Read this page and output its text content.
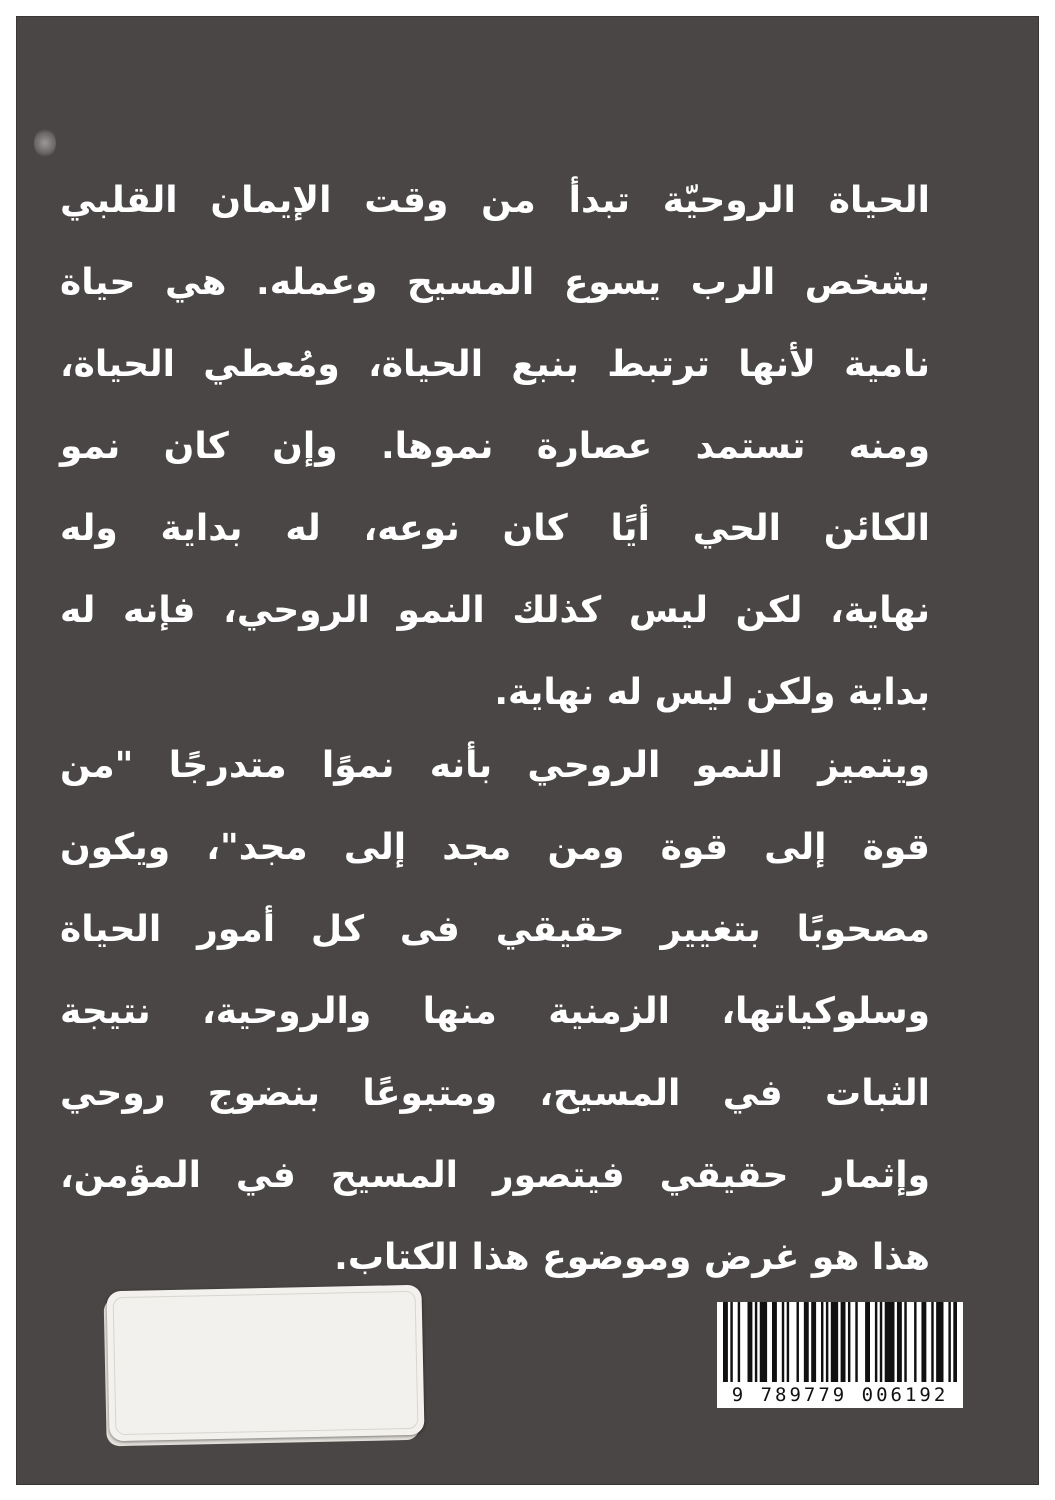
الحياة الروحيّة تبدأ من وقت الإيمان القلبي
بشخص الرب يسوع المسيح وعمله. هي حياة
نامية لأنها ترتبط بنبع الحياة، ومُعطي الحياة،
ومنه تستمد عصارة نموها. وإن كان نمو
الكائن الحي أيًا كان نوعه، له بداية وله
نهاية، لكن ليس كذلك النمو الروحي، فإنه له
بداية ولكن ليس له نهاية.
ويتميز النمو الروحي بأنه نموًا متدرجًا "من
قوة إلى قوة ومن مجد إلى مجد"، ويكون
مصحوبًا بتغيير حقيقي فى كل أمور الحياة
وسلوكياتها، الزمنية منها والروحية، نتيجة
الثبات في المسيح، ومتبوعًا بنضوج روحي
وإثمار حقيقي فيتصور المسيح في المؤمن،
هذا هو غرض وموضوع هذا الكتاب.
9 789779 006192
